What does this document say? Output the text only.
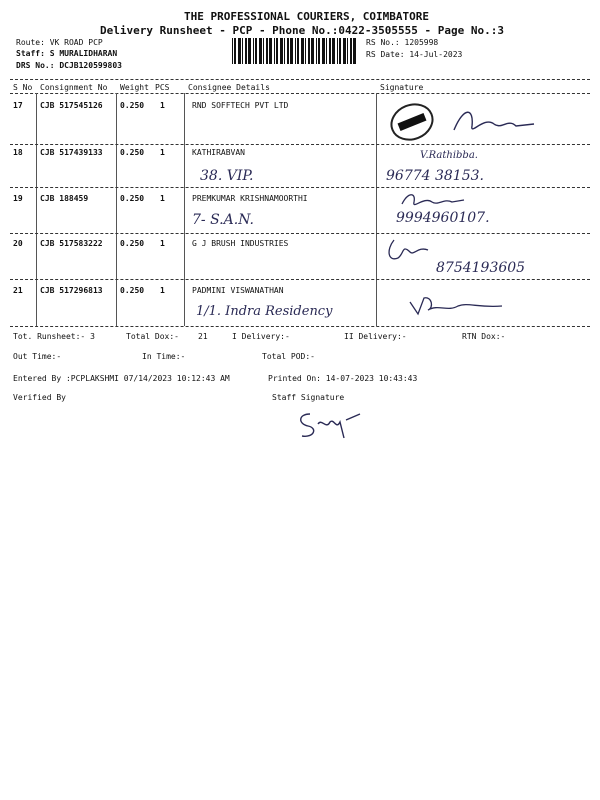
THE PROFESSIONAL COURIERS, COIMBATORE
Delivery Runsheet - PCP - Phone No.:0422-3505555 - Page No.:3
Route: VK ROAD PCP
Staff: S MURALIDHARAN
DRS No.: DCJB120599803
RS No.: 1205998
RS Date: 14-Jul-2023
S No Consignment No Weight PCS Consignee Details	Signature
17 CJB 517545126 0.250 1	RND SOFFTECH PVT LTD
18 CJB 517439133 0.250 1	KATHIRABVAN
38. VIP.
V.Rathibba.
96774 38153.
19 CJB 188459	0.250 1	PREMKUMAR KRISHNAMOORTHI
7- S.A.N.	9994960107.
20 CJB 517583222 0.250 1	G J BRUSH INDUSTRIES
8754193605
21 CJB 517296813 0.250 1	PADMINI VISWANATHAN
1/1. Indra Residency
Tot. Runsheet:- 3	Total Dox:- 21	I Delivery:-	II Delivery:-	RTN Dox:-
Out Time:-	In Time:-	Total POD:-
Entered By :PCPLAKSHMI 07/14/2023 10:12:43 AM	Printed On: 14-07-2023 10:43:43
Verified By	Staff Signature
